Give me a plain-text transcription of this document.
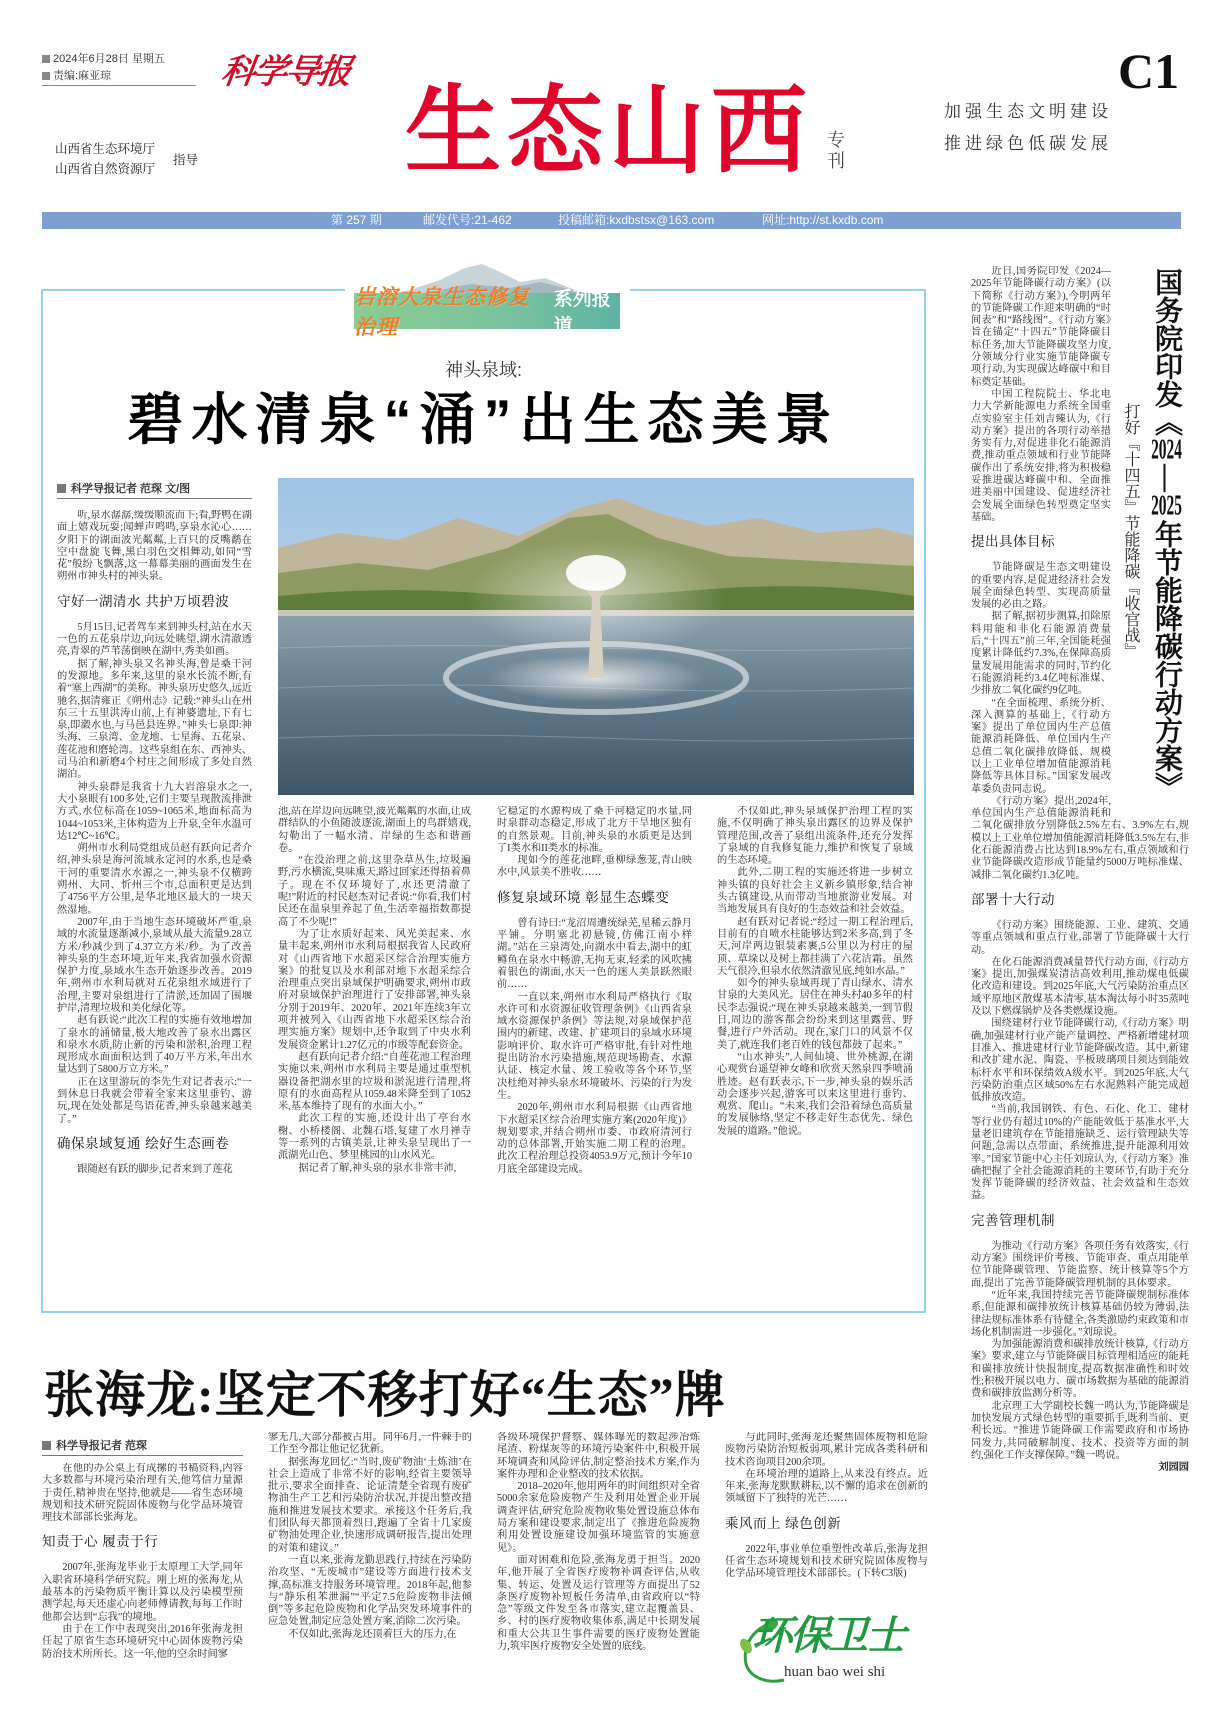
2024年6月28日 星期五
责编:麻亚琼	科学导报	C1
生态山西 专刊
加强生态文明建设
推进绿色低碳发展
山西省生态环境厅
山西省自然资源厅
指导
第 257 期	邮发代号:21-462	投稿邮箱:kxdbstsx@163.com	网址:http://st.kxdb.com
岩溶大泉生态修复治理
系列报道
神头泉域:
碧水清泉“涌”出生态美景
科学导报记者 范琛 文/图

听,泉水潺潺,缓缓顺流而下;看,野鸭在湖面上嬉戏玩耍;闻蝉声鸣鸣,享泉水沁心……夕阳下的湖面波光粼粼,上百只的反嘴鹬在空中盘旋飞舞,黑白羽色交相舞动,如同“雪花”般纷飞飘落,这一幕幕美丽的画面发生在朔州市神头村的神头泉。

守好一湖清水 共护万顷碧波

5月15日,记者驾车来到神头村,站在水天一色的五花泉岸边,向远处眺望,湖水清澈透亮,青翠的芦苇荡倒映在湖中,秀美如画。

据了解,神头泉又名神头海,曾是桑干河的发源地。多年来,这里的泉水长流不断,有着“塞上西湖”的美称。神头泉历史悠久,远近驰名,据清雍正《朔州志》记载:“神头山在州东三十五里洪涛山前,上有神婆遗址,下有七泉,即瀔水也,与马邑县连界。”神头七泉即:神头海、三泉湾、金龙地、七星海、五花泉、莲花池和磨轮湾。这些泉组在东、西神头、司马泊和新磨4个村庄之间形成了多处自然湖泊。

神头泉群是我省十九大岩溶泉水之一,大小泉眼有100多处,它们主要呈现散流排泄方式,水位标高在1059~1065米,地面标高为1044~1053米,主体构造为上升泉,全年水温可达12℃~16℃。

朔州市水利局党组成员赵有跃向记者介绍,神头泉是海河流域永定河的水系,也是桑干河的重要清水水源之一,神头泉不仅横跨朔州、大同、忻州三个市,总面积更是达到了4756平方公里,是华北地区最大的一块天然湿地。

2007年,由于当地生态环境破坏严重,泉域的水流量逐渐减小,泉域从最大流量9.28立方米/秒减少到了4.37立方米/秒。为了改善神头泉的生态环境,近年来,我省加强水资源保护力度,泉域水生态开始逐步改善。2019年,朔州市水利局就对五花泉组水域进行了治理,主要对泉组进行了清淤,还加固了围堰护岸,清理垃圾和美化绿化等。

赵有跃说:“此次工程的实施有效地增加了泉水的涌储量,极大地改善了泉水出露区和泉水水质,防止新的污染和淤积,治理工程现形成水面面积达到了40万平方米,年出水量达到了5800万立方米。”

正在这里游玩的李先生对记者表示:“一到休息日我就会带着全家来这里垂钓、游玩,现在处处都是鸟语花香,神头泉越来越美了。”

确保泉域复通 绘好生态画卷

跟随赵有跃的脚步,记者来到了莲花

池,站在岸边向远眺望,波光粼粼的水面,让成群结队的小鱼随波逐流,湖面上的鸟群嬉戏,勾勒出了一幅水清、岸绿的生态和谐画卷。

“在没治理之前,这里杂草丛生,垃圾遍野,污水横流,臭味熏天,路过回家还得捂着鼻子。现在不仅环境好了,水还更清澈了呢!”附近的村民赵杰对记者说:“你看,我们村民还在温泉里养起了鱼,生活幸福指数都提高了不少呢!”

为了让水质好起来、风光美起来、水量丰起来,朔州市水利局根据我省人民政府对《山西省地下水超采区综合治理实施方案》的批复以及水利部对地下水超采综合治理重点突出泉域保护明确要求,朔州市政府对泉域保护治理进行了安排部署,神头泉分别于2019年、2020年、2021年连续3年立项并被列入《山西省地下水超采区综合治理实施方案》规划中,还争取到了中央水利发展资金累计1.27亿元的市级等配套资金。

赵有跃向记者介绍:“自莲花池工程治理实施以来,朔州市水利局主要是通过重型机器设备把湖水里的垃圾和淤泥进行清理,将原有的水面高程从1059.48米降至到了1052米,基本维持了现有的水面大小。”

此次工程的实施,还设计出了亭台水榭、小桥楼阁、北魏石塔,复建了水月禅寺等一系列的古镇美景,让神头泉呈现出了一派湖光山色、梦里桃园的山水风光。

据记者了解,神头泉的泉水非常丰沛,

它稳定的水源构成了桑干河稳定的水量,同时泉群动态稳定,形成了北方干旱地区独有的自然景观。目前,神头泉的水质更是达到了I类水和II类水的标准。

现如今的莲花池畔,垂柳绿葱茏,青山映水中,风景美不胜收……

修复泉域环境 彰显生态蝶变

曾有诗曰:“龙沼周遭统绿芜,星稀云静月平铺。分明塞北初悬镜,仿佛江南小样湖。”站在三泉湾处,向湖水中看去,湖中的虹鳟鱼在泉水中畅游,无拘无束,轻柔的风吹拂着银色的湖面,水天一色的迷人美景跃然眼前……

一直以来,朔州市水利局严格执行《取水许可和水资源征收管理条例》《山西省泉域水资源保护条例》等法规,对泉域保护范围内的新建、改建、扩建项目的泉域水环境影响评价、取水许可严格审批,有针对性地提出防治水污染措施,规范现场勘查、水源认证、核定水量、竣工验收等各个环节,坚决杜绝对神头泉水环境破坏、污染的行为发生。

2020年,朔州市水利局根据《山西省地下水超采区综合治理实施方案(2020年度)》规划要求,并结合朔州市委、市政府清河行动的总体部署,开始实施二期工程的治理。此次工程治理总投资4053.9万元,预计今年10月底全部建设完成。

不仅如此,神头泉域保护治理工程的实施,不仅明确了神头泉出露区的边界及保护管理范围,改善了泉组出流条件,还充分发挥了泉域的自我修复能力,维护和恢复了泉域的生态环境。

此外,二期工程的实施还将进一步树立神头镇的良好社会主义新乡镇形象,结合神头古镇建设,从而带动当地旅游业发展。对当地发展具有良好的生态效益和社会效益。

赵有跃对记者说:“经过一期工程治理后,目前有的自喷水柱能够达到2米多高,到了冬天,河岸两边银装素裹,5公里以为村庄的屋顶、草垛以及树上都挂满了六花洁霜。虽然天气很冷,但泉水依然清澈见底,纯如水晶。”

如今的神头泉域再现了青山绿水、清水甘泉的大美风光。居住在神头村40多年的村民李志强说:“现在神头泉越来越美,一到节假日,周边的游客都会纷纷来到这里露营、野餐,进行户外活动。现在,家门口的风景不仅美了,就连我们老百姓的钱包都鼓了起来。”

“山水神头”,人间仙境、世外桃源,在湖心观赏台遥望神女峰和欣赏天然泉四季喷涌胜迹。赵有跃表示,下一步,神头泉的娱乐活动会逐步兴起,游客可以来这里进行垂钓、观赏、爬山。“未来,我们会沿着绿色高质量的发展脉络,坚定不移走好生态优先、绿色发展的道路。”他说。

国务院印发《2024—2025年节能降碳行动方案》
打好『十四五』节能降碳『收官战』

近日,国务院印发《2024—2025年节能降碳行动方案》(以下简称《行动方案》),今明两年的节能降碳工作迎来明确的“时间表”和“路线图”。《行动方案》旨在锚定“十四五”节能降碳目标任务,加大节能降碳攻坚力度,分领域分行业实施节能降碳专项行动,为实现碳达峰碳中和目标奠定基础。

中国工程院院士、华北电力大学新能源电力系统全国重点实验室主任刘吉臻认为,《行动方案》提出的各项行动举措务实有力,对促进非化石能源消费,推动重点领域和行业节能降碳作出了系统安排,将为积极稳妥推进碳达峰碳中和、全面推进美丽中国建设、促进经济社会发展全面绿色转型奠定坚实基础。

提出具体目标

节能降碳是生态文明建设的重要内容,是促进经济社会发展全面绿色转型、实现高质量发展的必由之路。

据了解,据初步测算,扣除原料用能和非化石能源消费量后,“十四五”前三年,全国能耗强度累计降低约7.3%,在保障高质量发展用能需求的同时,节约化石能源消耗约3.4亿吨标准煤、少排放二氧化碳约9亿吨。

“在全面梳理、系统分析、深入测算的基础上,《行动方案》提出了单位国内生产总值能源消耗降低、单位国内生产总值二氧化碳排放降低、规模以上工业单位增加值能源消耗降低等具体目标。”国家发展改革委负责同志说。

《行动方案》提出,2024年,单位国内生产总值能源消耗和二氧化碳排放分别降低2.5%左右、3.9%左右,规模以上工业单位增加值能源消耗降低3.5%左右,非化石能源消费占比达到18.9%左右,重点领域和行业节能降碳改造形成节能量约5000万吨标准煤、减排二氧化碳约1.3亿吨。

部署十大行动

《行动方案》围绕能源、工业、建筑、交通等重点领域和重点行业,部署了节能降碳十大行动。

在化石能源消费减量替代行动方面,《行动方案》提出,加强煤炭清洁高效利用,推动煤电低碳化改造和建设。到2025年底,大气污染防治重点区域平原地区散煤基本清零,基本淘汰每小时35蒸吨及以下燃煤锅炉及各类燃煤设施。

围绕建材行业节能降碳行动,《行动方案》明确,加强建材行业产能产量调控、严格新增建材项目准入、推进建材行业节能降碳改造。其中,新建和改扩建水泥、陶瓷、平板玻璃项目须达到能效标杆水平和环保绩效A级水平。到2025年底,大气污染防治重点区域50%左右水泥熟料产能完成超低排放改造。

“当前,我国钢铁、有色、石化、化工、建材等行业仍有超过10%的产能能效低于基准水平,大量老旧建筑存在节能措施缺乏、运行管理缺失等问题,急需以点带面、系统推进,提升能源利用效率。”国家节能中心主任刘琼认为,《行动方案》准确把握了全社会能源消耗的主要环节,有助于充分发挥节能降碳的经济效益、社会效益和生态效益。

完善管理机制

为推动《行动方案》各项任务有效落实,《行动方案》围绕评价考核、节能审查、重点用能单位节能降碳管理、节能监察、统计核算等5个方面,提出了完善节能降碳管理机制的具体要求。

“近年来,我国持续完善节能降碳规制标准体系,但能源和碳排放统计核算基础仍较为薄弱,法律法规标准体系有待健全,各类激励约束政策和市场化机制需进一步强化。”刘琼说。

为加强能源消费和碳排放统计核算,《行动方案》要求,建立与节能降碳目标管理相适应的能耗和碳排放统计快报制度,提高数据准确性和时效性;积极开展以电力、碳市场数据为基础的能源消费和碳排放监测分析等。

北京理工大学副校长魏一鸣认为,节能降碳是加快发展方式绿色转型的重要抓手,既利当前、更利长远。“推进节能降碳工作需要政府和市场协同发力,共同破解制度、技术、投资等方面的制约,强化工作支撑保障。”魏一鸣说。

刘园园

张海龙:坚定不移打好“生态”牌
科学导报记者 范琛

在他的办公桌上有成摞的书稿资料,内容大多数都与环境污染治理有关,他笃信力量源于责任,精神贵在坚持,他就是——省生态环境规划和技术研究院固体废物与化学品环境管理技术部部长张海龙。

知责于心 履责于行

2007年,张海龙毕业于太原理工大学,同年入职省环境科学研究院。刚上班的张海龙,从最基本的污染物质平衡计算以及污染模型预测学起,每天还虚心向老师傅请教,每每工作时他都会达到“忘我”的境地。

由于在工作中表现突出,2016年张海龙担任起了原省生态环境研究中心固体废物污染防治技术所所长。这一年,他的空余时间寥

寥无几,大部分都被占用。同年6月,一件棘手的工作至今都让他记忆犹新。

据张海龙回忆:“当时,废矿物油‘土炼油’在社会上造成了非常不好的影响,经省主要领导批示,要求全面排查、论证清楚全省现有废矿物油生产工艺和污染防治状况,并提出整改措施和推进发展技术要求。承接这个任务后,我们团队每天都顶着烈日,跑遍了全省十几家废矿物油处理企业,快速形成调研报告,提出处理的对策和建议。”

一直以来,张海龙勤思践行,持续在污染防治攻坚、“无废城市”建设等方面进行技术支撑,高标准支持服务环境管理。2018年起,他参与“静乐租苯泄漏”“平定7.5危险废物非法倾倒”等多起危险废物和化学品突发环境事件的应急处置,制定应急处置方案,消除二次污染。

不仅如此,张海龙还顶着巨大的压力,在

各级环境保护督察、媒体曝光的数起涉冶炼尾渣、粉煤灰等的环境污染案件中,积极开展环境调查和风险评估,制定整治技术方案,作为案件办理和企业整改的技术依据。

2018–2020年,他用两年的时间组织对全省5000余家危险废物产生及利用处置企业开展调查评估,研究危险废物收集处置设施总体布局方案和建设要求,制定出了《推进危险废物利用处置设施建设加强环境监管的实施意见》。

面对困难和危险,张海龙勇于担当。2020年,他开展了全省医疗废物补调查评估,从收集、转运、处置及运行管理等方面提出了52条医疗废物补短板任务清单,由省政府以“特急”等级文件发至各市落实,建立起覆盖县、乡、村的医疗废物收集体系,满足中长期发展和重大公共卫生事件需要的医疗废物处置能力,筑牢医疗废物安全处置的底线。

与此同时,张海龙还聚焦固体废物和危险废物污染防治短板弱项,累计完成各类科研和技术咨询项目200余项。

在环境治理的道路上,从来没有终点。近年来,张海龙默默耕耘,以不懈的追求在创新的领域留下了独特的光芒……

乘风而上 绿色创新

2022年,事业单位重塑性改革后,张海龙担任省生态环境规划和技术研究院固体废物与化学品环境管理技术部部长。(下转C3版)

环保卫士
huan bao wei shi
